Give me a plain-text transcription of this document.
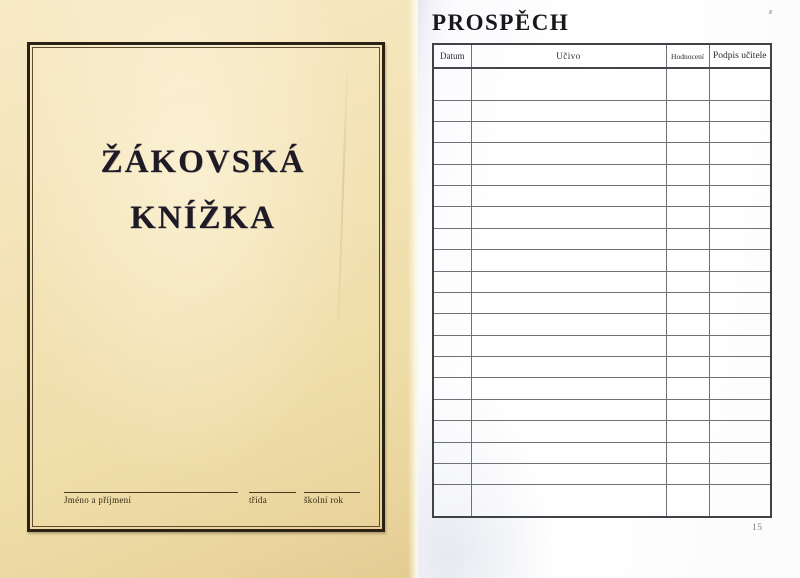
ŽÁKOVSKÁ
KNÍŽKA
Jméno a příjmení	třída	školní rok
PROSPĚCH
Datum	Učivo	Hodnocení	Podpis učitele

15
